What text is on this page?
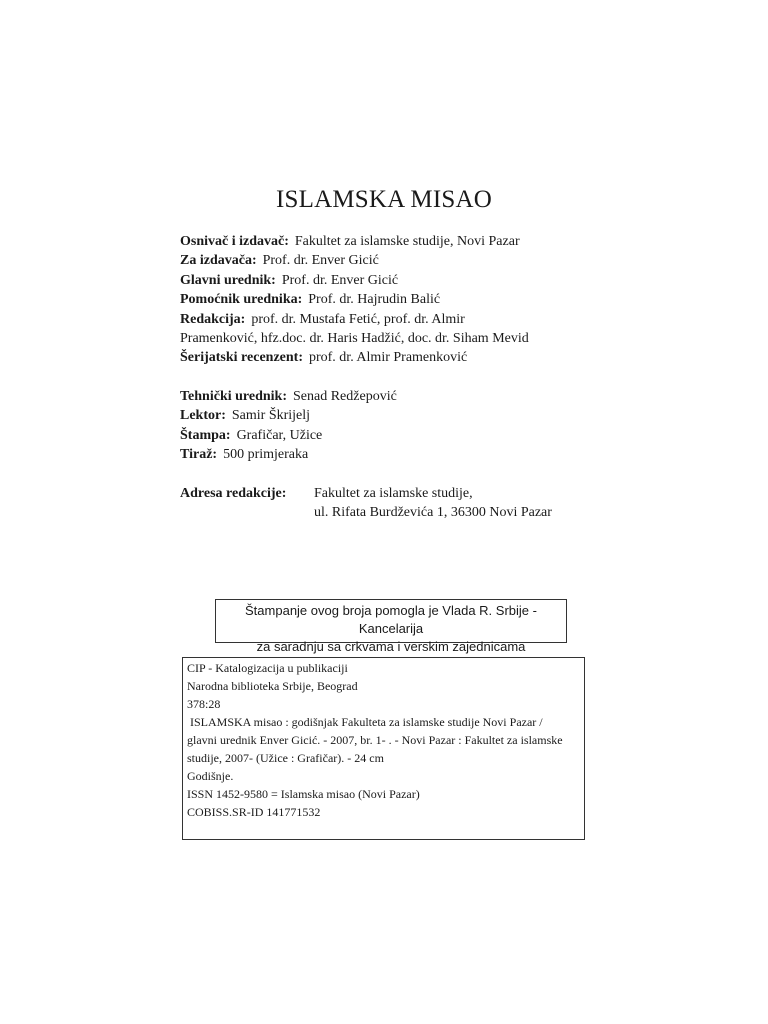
ISLAMSKA MISAO
Osnivač i izdavač: Fakultet za islamske studije, Novi Pazar
Za izdavača: Prof. dr. Enver Gicić
Glavni urednik: Prof. dr. Enver Gicić
Pomoćnik urednika: Prof. dr. Hajrudin Balić
Redakcija: prof. dr. Mustafa Fetić, prof. dr. Almir
Pramenković, hfz.doc. dr. Haris Hadžić, doc. dr. Siham Mevid
Šerijatski recenzent: prof. dr. Almir Pramenković
Tehnički urednik: Senad Redžepović
Lektor: Samir Škrijelj
Štampa: Grafičar, Užice
Tiraž: 500 primjeraka
Adresa redakcije: Fakultet za islamske studije,
ul. Rifata Burdževića 1, 36300 Novi Pazar
Štampanje ovog broja pomogla je Vlada R. Srbije - Kancelarija
za saradnju sa crkvama i verskim zajednicama
CIP - Katalogizacija u publikaciji
Narodna biblioteka Srbije, Beograd
378:28
ISLAMSKA misao : godišnjak Fakulteta za islamske studije Novi Pazar /
glavni urednik Enver Gicić. - 2007, br. 1- . - Novi Pazar : Fakultet za islamske
studije, 2007- (Užice : Grafičar). - 24 cm
Godišnje.
ISSN 1452-9580 = Islamska misao (Novi Pazar)
COBISS.SR-ID 141771532
